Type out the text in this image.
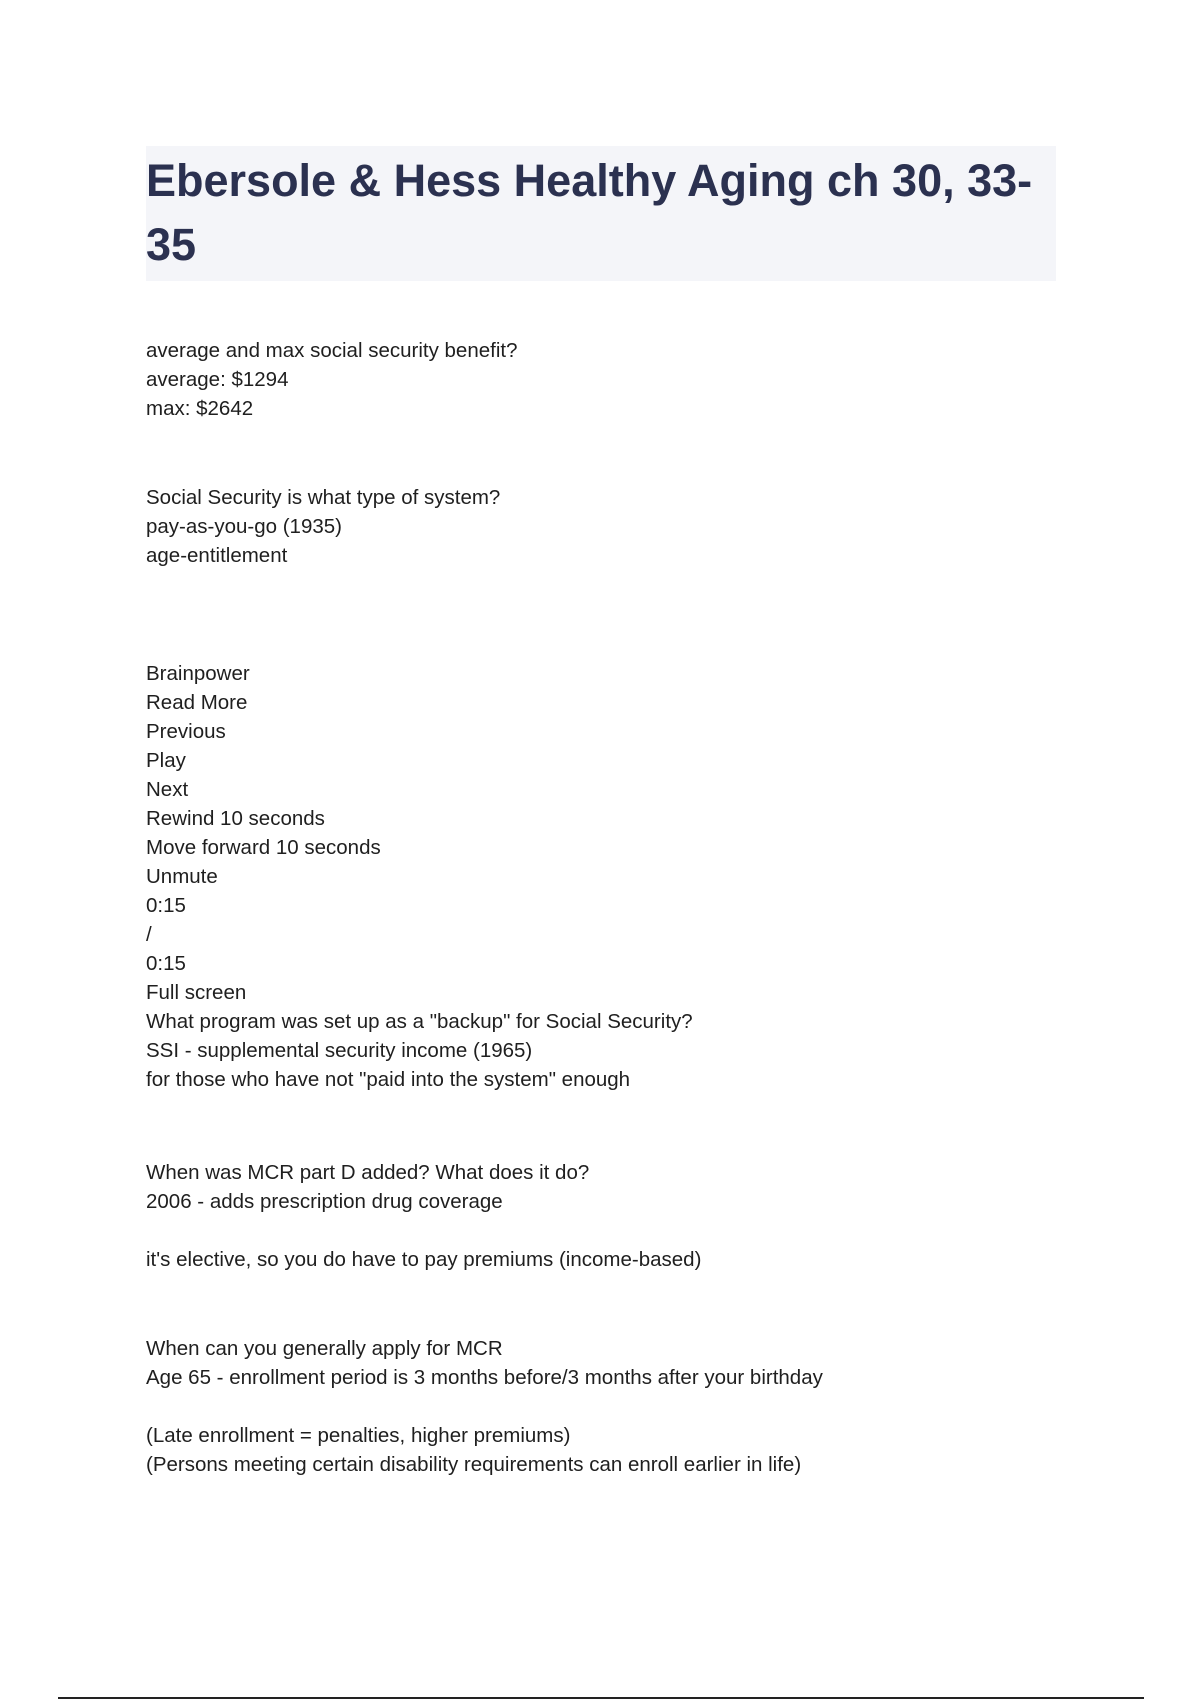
Ebersole & Hess Healthy Aging ch 30, 33-35
average and max social security benefit?
average: $1294
max: $2642
Social Security is what type of system?
pay-as-you-go (1935)
age-entitlement
Brainpower
Read More
Previous
Play
Next
Rewind 10 seconds
Move forward 10 seconds
Unmute
0:15
/
0:15
Full screen
What program was set up as a "backup" for Social Security?
SSI - supplemental security income (1965)
for those who have not "paid into the system" enough
When was MCR part D added? What does it do?
2006 - adds prescription drug coverage
it's elective, so you do have to pay premiums (income-based)
When can you generally apply for MCR
Age 65 - enrollment period is 3 months before/3 months after your birthday
(Late enrollment = penalties, higher premiums)
(Persons meeting certain disability requirements can enroll earlier in life)
